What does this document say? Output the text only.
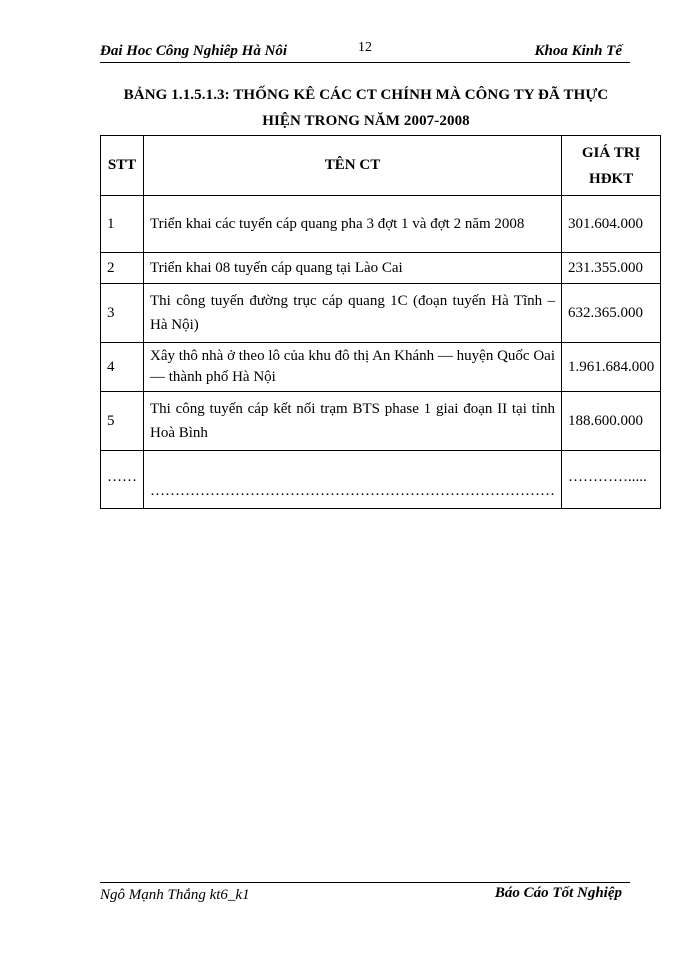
Đai Hoc Công Nghiêp Hà Nôi	12	Khoa Kinh Tế
BẢNG 1.1.5.1.3: THỐNG KÊ CÁC CT CHÍNH MÀ CÔNG TY ĐÃ THỰC
HIỆN TRONG NĂM 2007-2008
STT	TÊN CT	GIÁ TRỊ
HĐKT

1	Triển khai các tuyến cáp quang pha 3 đợt 1 và đợt 2 năm 2008	301.604.000
2	Triển khai 08 tuyến cáp quang tại Lào Cai	231.355.000
3	Thi công tuyến đường trục cáp quang 1C (đoạn tuyến Hà Tĩnh – Hà Nội)	632.365.000
4	Xây thô nhà ở theo lô của khu đô thị An Khánh — huyện Quốc Oai — thành phố Hà Nội	1.961.684.000
5	Thi công tuyến cáp kết nối trạm BTS phase 1 giai đoạn II tại tỉnh Hoà Bình	188.600.000
……	………………………………………………………………………	………….....
Ngô Mạnh Thắng kt6_k1	Báo Cáo Tốt Nghiệp
